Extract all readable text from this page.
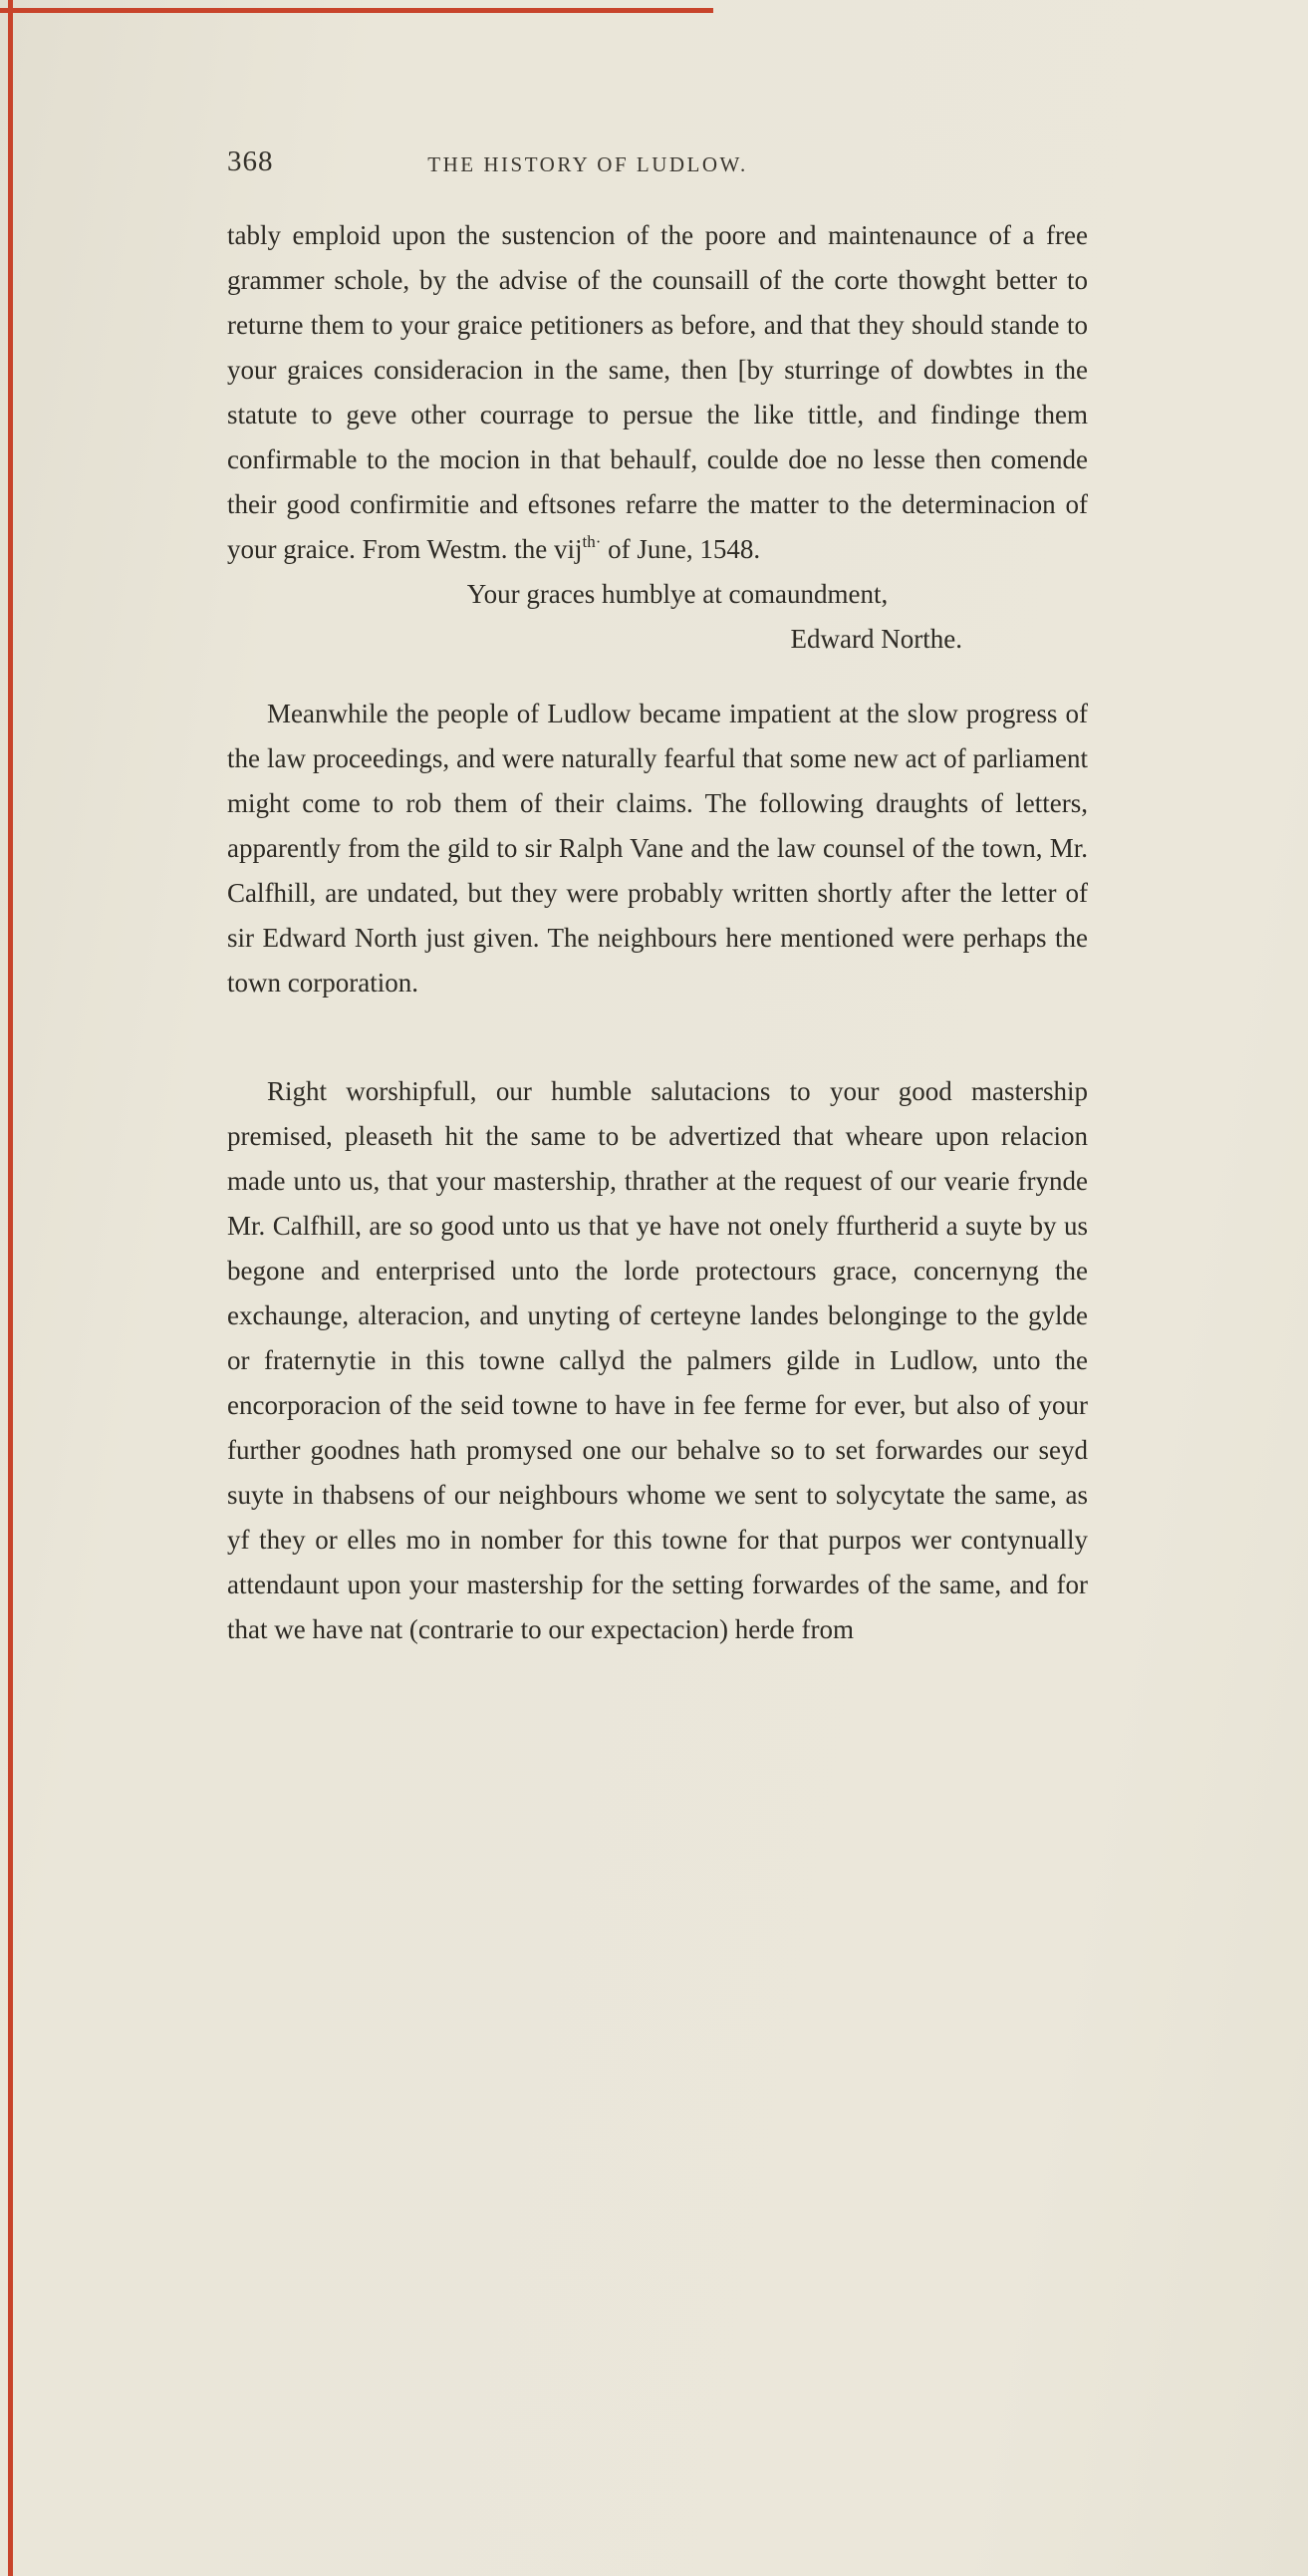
368	THE HISTORY OF LUDLOW.

tably emploid upon the sustencion of the poore and maintenaunce of a free grammer schole, by the advise of the counsaill of the corte thowght better to returne them to your graice petitioners as before, and that they should stande to your graices consideracion in the same, then [by sturringe of dowbtes in the statute to geve other courrage to persue the like tittle, and findinge them confirmable to the mocion in that behaulf, coulde doe no lesse then comende their good confirmitie and eftsones refarre the matter to the determinacion of your graice. From Westm. the vij$^{th\cdot}$ of June, 1548.

Your graces humblye at comaundment,

Edward Northe.

Meanwhile the people of Ludlow became impatient at the slow progress of the law proceedings, and were naturally fearful that some new act of parliament might come to rob them of their claims. The following draughts of letters, apparently from the gild to sir Ralph Vane and the law counsel of the town, Mr. Calfhill, are undated, but they were probably written shortly after the letter of sir Edward North just given. The neighbours here mentioned were perhaps the town corporation.

Right worshipfull, our humble salutacions to your good mastership premised, pleaseth hit the same to be advertized that wheare upon relacion made unto us, that your mastership, thrather at the request of our vearie frynde Mr. Calfhill, are so good unto us that ye have not onely ffurtherid a suyte by us begone and enterprised unto the lorde protectours grace, concernyng the exchaunge, alteracion, and unyting of certeyne landes belonginge to the gylde or fraternytie in this towne callyd the palmers gilde in Ludlow, unto the encorporacion of the seid towne to have in fee ferme for ever, but also of your further goodnes hath promysed one our behalve so to set forwardes our seyd suyte in thabsens of our neighbours whome we sent to solycytate the same, as yf they or elles mo in nomber for this towne for that purpos wer contynually attendaunt upon your mastership for the setting forwardes of the same, and for that we have nat (contrarie to our expectacion) herde from
